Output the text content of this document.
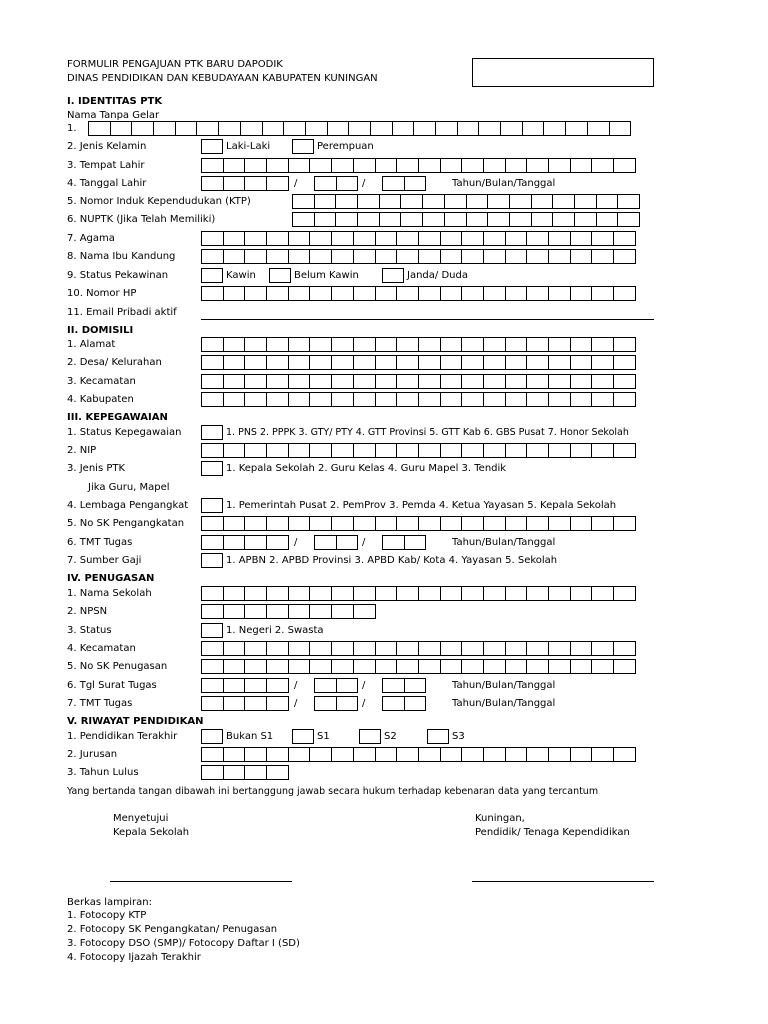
FORMULIR PENGAJUAN PTK BARU DAPODIK
DINAS PENDIDIKAN DAN KEBUDAYAAN KABUPATEN KUNINGAN
I. IDENTITAS PTK
Nama Tanpa Gelar
1.
2. Jenis Kelamin	Laki-Laki	Perempuan
3. Tempat Lahir
4. Tanggal Lahir	/	/	Tahun/Bulan/Tanggal
5. Nomor Induk Kependudukan (KTP)
6. NUPTK (Jika Telah Memiliki)
7. Agama
8. Nama Ibu Kandung
9. Status Pekawinan	Kawin	Belum Kawin	Janda/ Duda
10. Nomor HP
11. Email Pribadi aktif
II. DOMISILI
1. Alamat
2. Desa/ Kelurahan
3. Kecamatan
4. Kabupaten
III. KEPEGAWAIAN
1. Status Kepegawaian	1. PNS 2. PPPK 3. GTY/ PTY 4. GTT Provinsi 5. GTT Kab 6. GBS Pusat 7. Honor Sekolah
2. NIP
3. Jenis PTK	1. Kepala Sekolah 2. Guru Kelas 4. Guru Mapel 3. Tendik
Jika Guru, Mapel
4. Lembaga Pengangkat	1. Pemerintah Pusat 2. PemProv 3. Pemda 4. Ketua Yayasan 5. Kepala Sekolah
5. No SK Pengangkatan
6. TMT Tugas	/	/	Tahun/Bulan/Tanggal
7. Sumber Gaji	1. APBN 2. APBD Provinsi 3. APBD Kab/ Kota 4. Yayasan 5. Sekolah
IV. PENUGASAN
1. Nama Sekolah
2. NPSN
3. Status	1. Negeri 2. Swasta
4. Kecamatan
5. No SK Penugasan
6. Tgl Surat Tugas	/	/	Tahun/Bulan/Tanggal
7. TMT Tugas	/	/	Tahun/Bulan/Tanggal
V. RIWAYAT PENDIDIKAN
1. Pendidikan Terakhir	Bukan S1	S1	S2	S3
2. Jurusan
3. Tahun Lulus
Yang bertanda tangan dibawah ini bertanggung jawab secara hukum terhadap kebenaran data yang tercantum
Menyetujui
Kepala Sekolah
Kuningan,
Pendidik/ Tenaga Kependidikan
Berkas lampiran:
1. Fotocopy KTP
2. Fotocopy SK Pengangkatan/ Penugasan
3. Fotocopy DSO (SMP)/ Fotocopy Daftar I (SD)
4. Fotocopy Ijazah Terakhir
